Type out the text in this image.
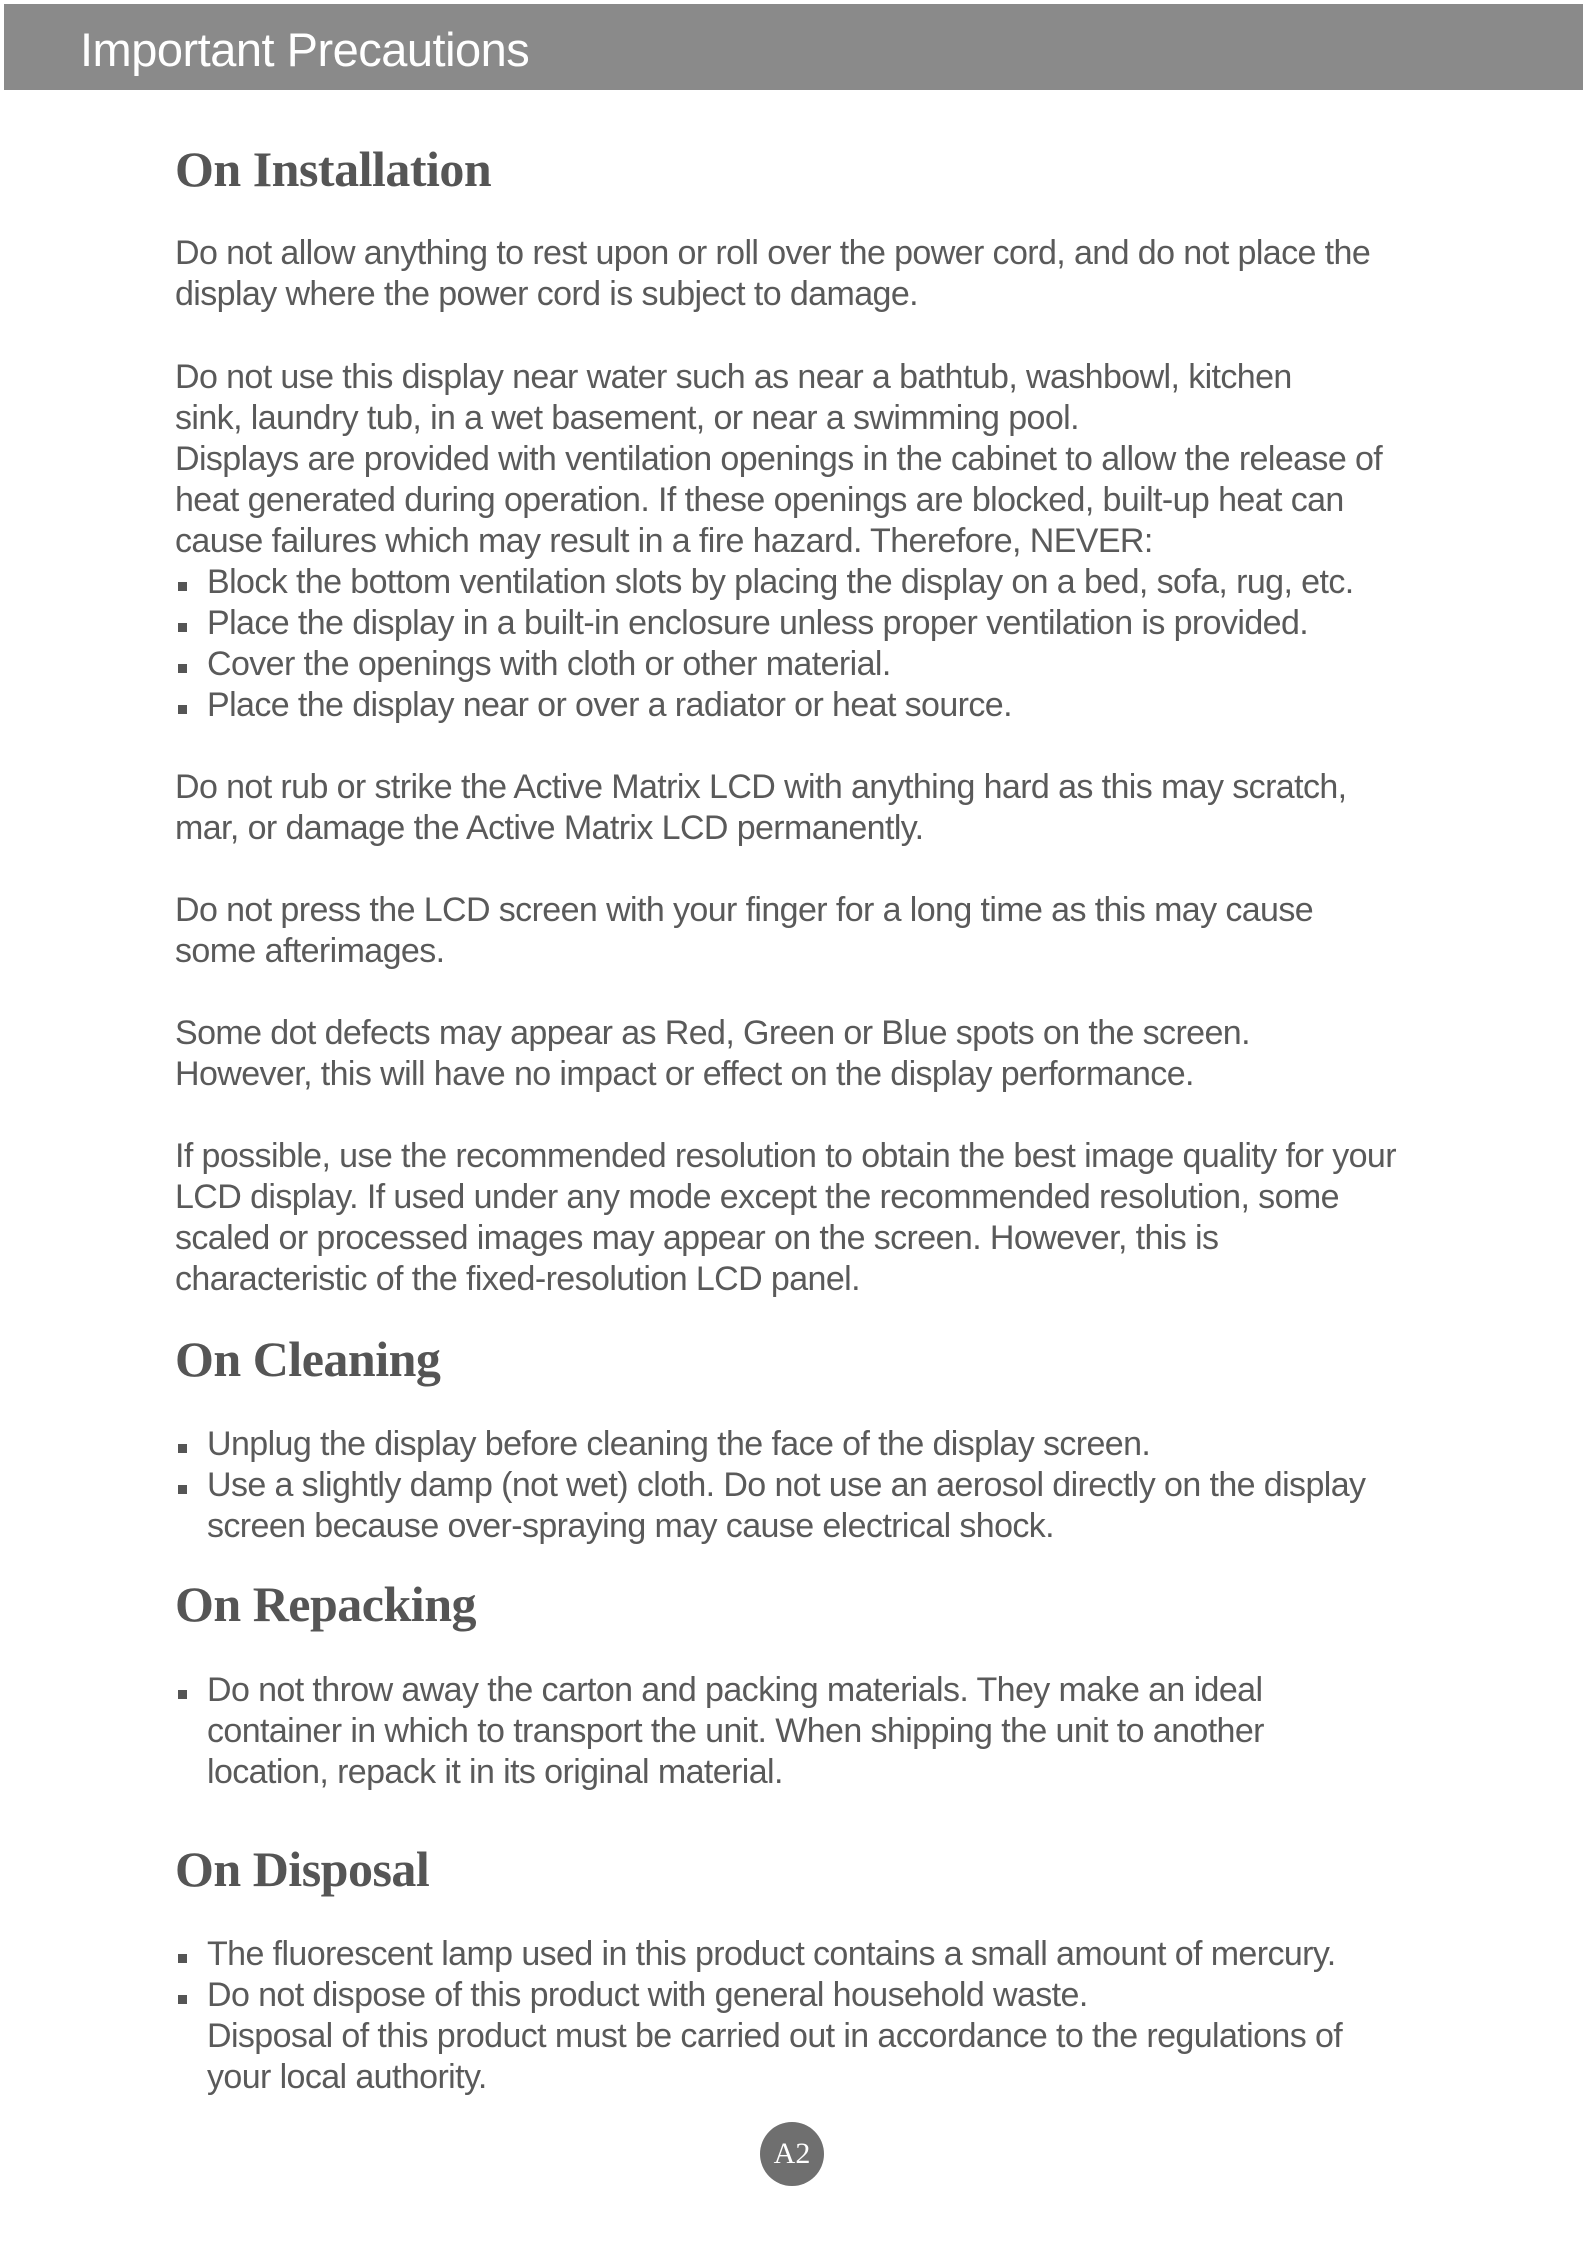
Important Precautions
On Installation

Do not allow anything to rest upon or roll over the power cord, and do not place the display where the power cord is subject to damage.

Do not use this display near water such as near a bathtub, washbowl, kitchen sink, laundry tub, in a wet basement, or near a swimming pool.

Displays are provided with ventilation openings in the cabinet to allow the release of heat generated during operation. If these openings are blocked, built-up heat can cause failures which may result in a fire hazard. Therefore, NEVER:

Block the bottom ventilation slots by placing the display on a bed, sofa, rug, etc.
Place the display in a built-in enclosure unless proper ventilation is provided.
Cover the openings with cloth or other material.
Place the display near or over a radiator or heat source.

Do not rub or strike the Active Matrix LCD with anything hard as this may scratch, mar, or damage the Active Matrix LCD permanently.

Do not press the LCD screen with your finger for a long time as this may cause some afterimages.

Some dot defects may appear as Red, Green or Blue spots on the screen. However, this will have no impact or effect on the display performance.

If possible, use the recommended resolution to obtain the best image quality for your LCD display. If used under any mode except the recommended resolution, some scaled or processed images may appear on the screen. However, this is characteristic of the fixed-resolution LCD panel.

On Cleaning
Unplug the display before cleaning the face of the display screen.
Use a slightly damp (not wet) cloth. Do not use an aerosol directly on the display screen because over-spraying may cause electrical shock.
On Repacking
Do not throw away the carton and packing materials. They make an ideal container in which to transport the unit. When shipping the unit to another location, repack it in its original material.
On Disposal
The fluorescent lamp used in this product contains a small amount of mercury.
Do not dispose of this product with general household waste.
Disposal of this product must be carried out in accordance to the regulations of your local authority.
A2
